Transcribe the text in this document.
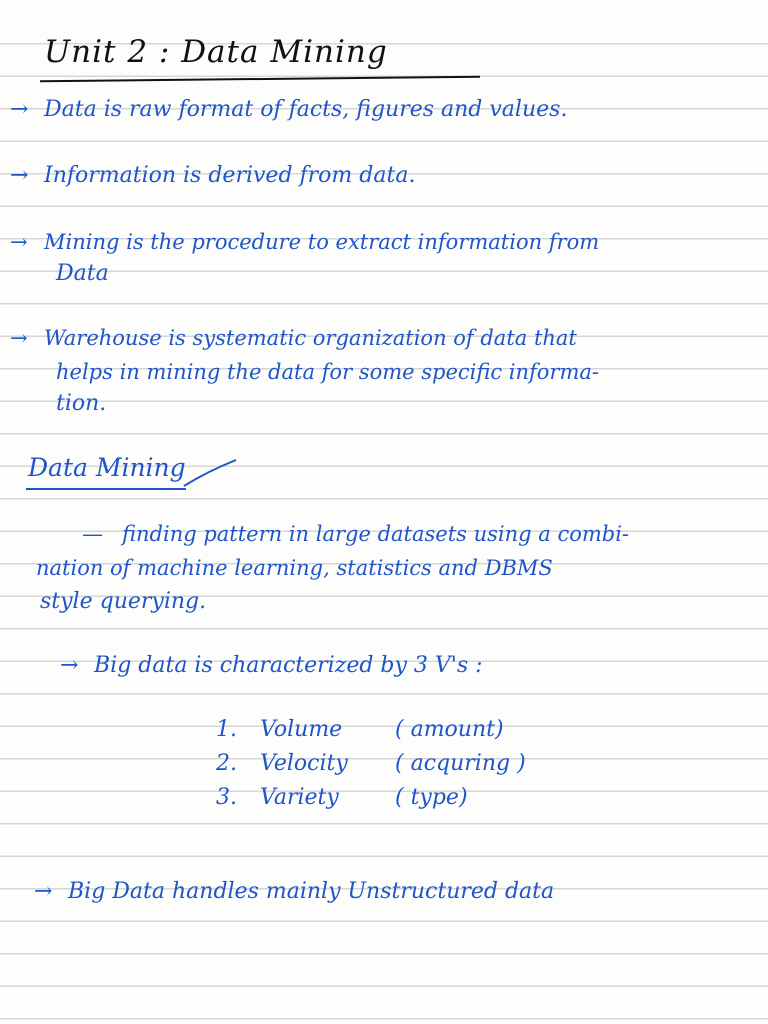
Unit 2 : Data Mining
→ Data is raw format of facts, figures and values.
→ Information is derived from data.
→ Mining is the procedure to extract information from
Data
→ Warehouse is systematic organization of data that
helps in mining the data for some specific informa-
tion.
Data Mining
— finding pattern in large datasets using a combi-
nation of machine learning, statistics and DBMS
style querying.
→ Big data is characterized by 3 V's :
1. Volume ( amount)
2. Velocity ( acquring )
3. Variety	( type)
→ Big Data handles mainly Unstructured data
